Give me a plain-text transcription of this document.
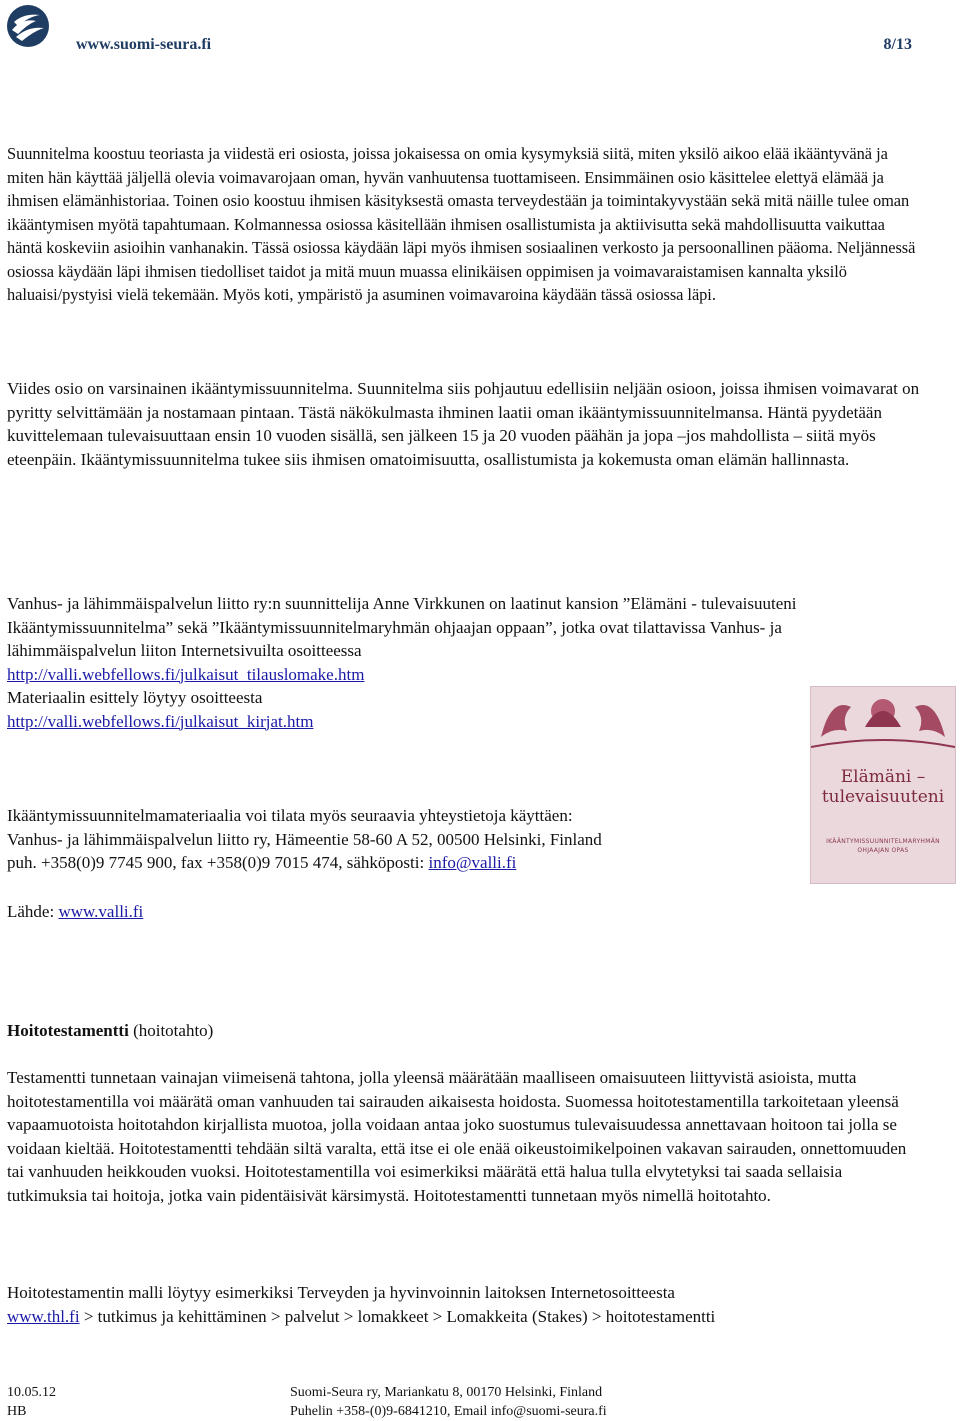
www.suomi-seura.fi	8/13
Suunnitelma koostuu teoriasta ja viidestä eri osiosta, joissa jokaisessa on omia kysymyksiä siitä, miten yksilö aikoo elää ikääntyvänä ja miten hän käyttää jäljellä olevia voimavarojaan oman, hyvän vanhuutensa tuottamiseen. Ensimmäinen osio käsittelee elettyä elämää ja ihmisen elämänhistoriaa. Toinen osio koostuu ihmisen käsityksestä omasta terveydestään ja toimintakyvystään sekä mitä näille tulee oman ikääntymisen myötä tapahtumaan. Kolmannessa osiossa käsitellään ihmisen osallistumista ja aktiivisutta sekä mahdollisuutta vaikuttaa häntä koskeviin asioihin vanhanakin. Tässä osiossa käydään läpi myös ihmisen sosiaalinen verkosto ja persoonallinen pääoma. Neljännessä osiossa käydään läpi ihmisen tiedolliset taidot ja mitä muun muassa elinikäisen oppimisen ja voimavaraistamisen kannalta yksilö haluaisi/pystyisi vielä tekemään. Myös koti, ympäristö ja asuminen voimavaroina käydään tässä osiossa läpi.
Viides osio on varsinainen ikääntymissuunnitelma. Suunnitelma siis pohjautuu edellisiin neljään osioon, joissa ihmisen voimavarat on pyritty selvittämään ja nostamaan pintaan. Tästä näkökulmasta ihminen laatii oman ikääntymissuunnitelmansa. Häntä pyydetään kuvittelemaan tulevaisuuttaan ensin 10 vuoden sisällä, sen jälkeen 15 ja 20 vuoden päähän ja jopa –jos mahdollista – siitä myös eteenpäin. Ikääntymissuunnitelma tukee siis ihmisen omatoimisuutta, osallistumista ja kokemusta oman elämän hallinnasta.
Vanhus- ja lähimmäispalvelun liitto ry:n suunnittelija Anne Virkkunen on laatinut kansion ”Elämäni - tulevaisuuteni Ikääntymissuunnitelma” sekä ”Ikääntymissuunnitelmaryhmän ohjaajan oppaan”, jotka ovat tilattavissa Vanhus- ja lähimmäispalvelun liiton Internetsivuilta osoitteessa
http://valli.webfellows.fi/julkaisut_tilauslomake.htm
Materiaalin esittely löytyy osoitteesta
http://valli.webfellows.fi/julkaisut_kirjat.htm
Elämäni –
tulevaisuuteni
IKÄÄNTYMISSUUNNITELMARYHMÄN
OHJAAJAN OPAS
Ikääntymissuunnitelmamateriaalia voi tilata myös seuraavia yhteystietoja käyttäen:
Vanhus- ja lähimmäispalvelun liitto ry, Hämeentie 58-60 A 52, 00500 Helsinki, Finland
puh. +358(0)9 7745 900, fax +358(0)9 7015 474, sähköposti: info@valli.fi
Lähde: www.valli.fi
Hoitotestamentti (hoitotahto)
Testamentti tunnetaan vainajan viimeisenä tahtona, jolla yleensä määrätään maalliseen omaisuuteen liittyvistä asioista, mutta hoitotestamentilla voi määrätä oman vanhuuden tai sairauden aikaisesta hoidosta. Suomessa hoitotestamentilla tarkoitetaan yleensä vapaamuotoista hoitotahdon kirjallista muotoa, jolla voidaan antaa joko suostumus tulevaisuudessa annettavaan hoitoon tai jolla se voidaan kieltää. Hoitotestamentti tehdään siltä varalta, että itse ei ole enää oikeustoimikelpoinen vakavan sairauden, onnettomuuden tai vanhuuden heikkouden vuoksi. Hoitotestamentilla voi esimerkiksi määrätä että halua tulla elvytetyksi tai saada sellaisia tutkimuksia tai hoitoja, jotka vain pidentäisivät kärsimystä. Hoitotestamentti tunnetaan myös nimellä hoitotahto.
Hoitotestamentin malli löytyy esimerkiksi Terveyden ja hyvinvoinnin laitoksen Internetosoitteesta
www.thl.fi > tutkimus ja kehittäminen > palvelut > lomakkeet > Lomakkeita (Stakes) > hoitotestamentti
10.05.12
HB
Suomi-Seura ry, Mariankatu 8, 00170 Helsinki, Finland
Puhelin +358-(0)9-6841210, Email info@suomi-seura.fi
